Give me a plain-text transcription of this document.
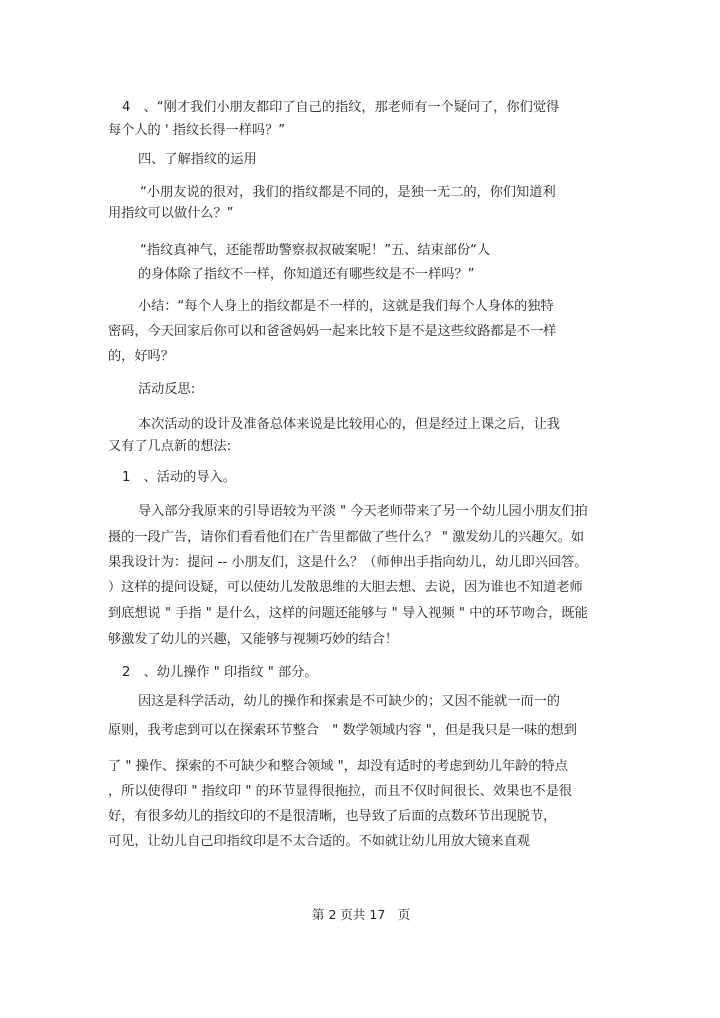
4　、“刚才我们小朋友都印了自己的指纹，那老师有一个疑问了，你们觉得
每个人的 ' 指纹长得一样吗？”
四、了解指纹的运用
“小朋友说的很对，我们的指纹都是不同的，是独一无二的，你们知道利
用指纹可以做什么？”
“指纹真神气，还能帮助警察叔叔破案呢！”五、结束部份“人
的身体除了指纹不一样，你知道还有哪些纹是不一样吗？”
小结：“每个人身上的指纹都是不一样的，这就是我们每个人身体的独特
密码，今天回家后你可以和爸爸妈妈一起来比较下是不是这些纹路都是不一样
的，好吗？
活动反思:
本次活动的设计及准备总体来说是比较用心的，但是经过上课之后，让我
又有了几点新的想法:
1　、活动的导入。
导入部分我原来的引导语较为平淡 " 今天老师带来了另一个幼儿园小朋友们拍
摄的一段广告，请你们看看他们在广告里都做了些什么？ " 激发幼儿的兴趣欠。如
果我设计为：提问 -- 小朋友们，这是什么？（师伸出手指向幼儿，幼儿即兴回答。
）这样的提问设疑，可以使幼儿发散思维的大胆去想、去说，因为谁也不知道老师
到底想说 " 手指 " 是什么，这样的问题还能够与 " 导入视频 " 中的环节吻合，既能
够激发了幼儿的兴趣，又能够与视频巧妙的结合！
2　、幼儿操作 " 印指纹 " 部分。
因这是科学活动，幼儿的操作和探索是不可缺少的；又因不能就一而一的
原则，我考虑到可以在探索环节整合　" 数学领域内容 "，但是我只是一味的想到
了 " 操作、探索的不可缺少和整合领域 "，却没有适时的考虑到幼儿年龄的特点
，所以使得印 " 指纹印 " 的环节显得很拖拉，而且不仅时间很长、效果也不是很
好，有很多幼儿的指纹印的不是很清晰，也导致了后面的点数环节出现脱节，
可见，让幼儿自己印指纹印是不太合适的。不如就让幼儿用放大镜来直观
第 2 页共 17　页
